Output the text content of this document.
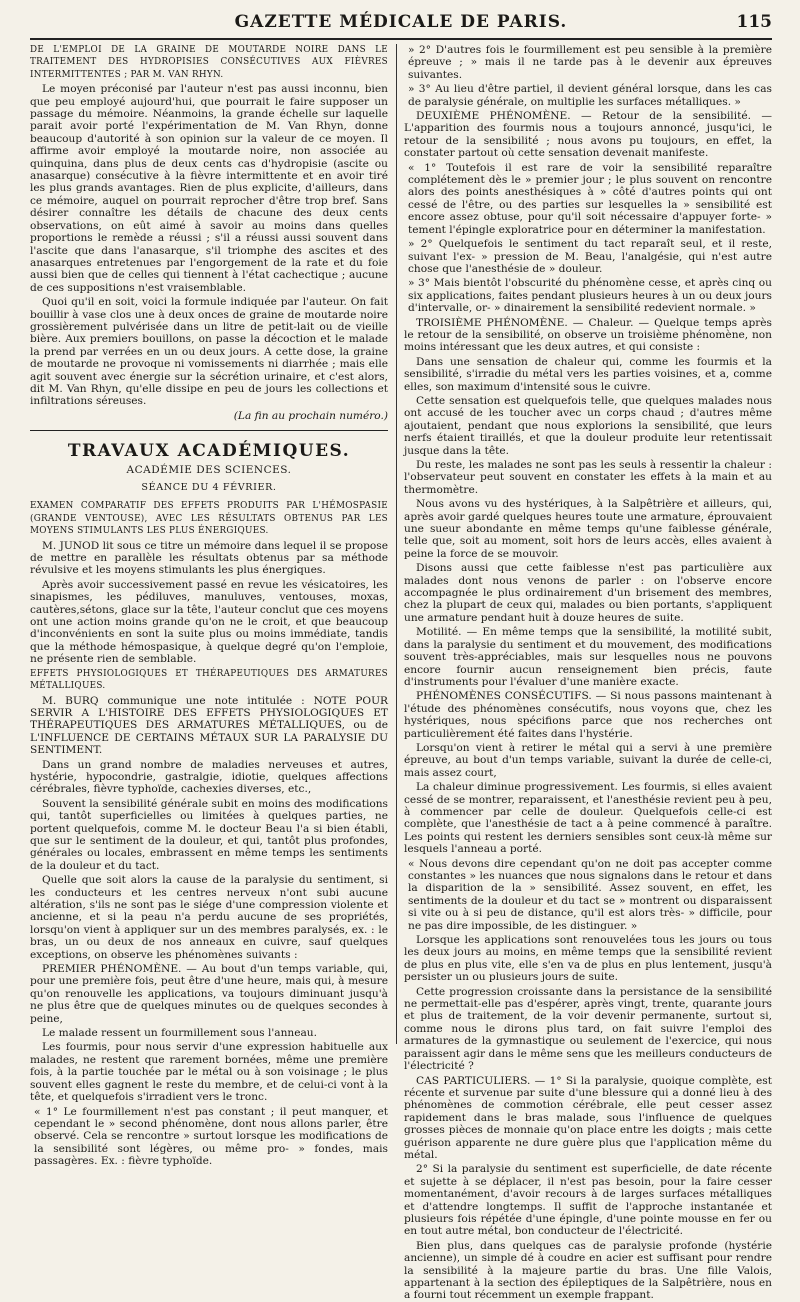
GAZETTE MÉDICALE DE PARIS.	115

DE L'EMPLOI DE LA GRAINE DE MOUTARDE NOIRE DANS LE TRAITEMENT DES HYDROPISIES CONSÉCUTIVES AUX FIÈVRES INTERMITTENTES ; PAR M. VAN RHYN.

Le moyen préconisé par l'auteur n'est pas aussi inconnu, bien que peu employé aujourd'hui, que pourrait le faire supposer un passage du mémoire. Néanmoins, la grande échelle sur laquelle parait avoir porté l'expérimentation de M. Van Rhyn, donne beaucoup d'autorité à son opinion sur la valeur de ce moyen. Il affirme avoir employé la moutarde noire, non associée au quinquina, dans plus de deux cents cas d'hydropisie (ascite ou anasarque) consécutive à la fièvre intermittente et en avoir tiré les plus grands avantages. Rien de plus explicite, d'ailleurs, dans ce mémoire, auquel on pourrait reprocher d'être trop bref. Sans désirer connaître les détails de chacune des deux cents observations, on eût aimé à savoir au moins dans quelles proportions le remède a réussi ; s'il a réussi aussi souvent dans l'ascite que dans l'anasarque, s'il triomphe des ascites et des anasarques entretenues par l'engorgement de la rate et du foie aussi bien que de celles qui tiennent à l'état cachectique ; aucune de ces suppositions n'est vraisemblable.

Quoi qu'il en soit, voici la formule indiquée par l'auteur. On fait bouillir à vase clos une à deux onces de graine de moutarde noire grossièrement pulvérisée dans un litre de petit-lait ou de vieille bière. Aux premiers bouillons, on passe la décoction et le malade la prend par verrées en un ou deux jours. A cette dose, la graine de moutarde ne provoque ni vomissements ni diarrhée ; mais elle agit souvent avec énergie sur la sécrétion urinaire, et c'est alors, dit M. Van Rhyn, qu'elle dissipe en peu de jours les collections et infiltrations séreuses.

(La fin au prochain numéro.)

TRAVAUX ACADÉMIQUES.

ACADÉMIE DES SCIENCES.

SÉANCE DU 4 FÉVRIER.

EXAMEN COMPARATIF DES EFFETS PRODUITS PAR L'HÉMOSPASIE (GRANDE VENTOUSE), AVEC LES RÉSULTATS OBTENUS PAR LES MOYENS STIMULANTS LES PLUS ÉNERGIQUES.

M. JUNOD lit sous ce titre un mémoire dans lequel il se propose de mettre en parallèle les résultats obtenus par sa méthode révulsive et les moyens stimulants les plus énergiques.

Après avoir successivement passé en revue les vésicatoires, les sinapismes, les pédiluves, manuluves, ventouses, moxas, cautères,sétons, glace sur la tête, l'auteur conclut que ces moyens ont une action moins grande qu'on ne le croit, et que beaucoup d'inconvénients en sont la suite plus ou moins immédiate, tandis que la méthode hémospasique, à quelque degré qu'on l'emploie, ne présente rien de semblable.

EFFETS PHYSIOLOGIQUES ET THÉRAPEUTIQUES DES ARMATURES MÉTALLIQUES.

M. BURQ communique une note intitulée : NOTE POUR SERVIR A L'HISTOIRE DES EFFETS PHYSIOLOGIQUES ET THÉRAPEUTIQUES DES ARMATURES MÉTALLIQUES, ou de L'INFLUENCE DE CERTAINS MÉTAUX SUR LA PARALYSIE DU SENTIMENT.

Dans un grand nombre de maladies nerveuses et autres, hystérie, hypocondrie, gastralgie, idiotie, quelques affections cérébrales, fièvre typhoïde, cachexies diverses, etc.,

Souvent la sensibilité générale subit en moins des modifications qui, tantôt superficielles ou limitées à quelques parties, ne portent quelquefois, comme M. le docteur Beau l'a si bien établi, que sur le sentiment de la douleur, et qui, tantôt plus profondes, générales ou locales, embrassent en même temps les sentiments de la douleur et du tact.

Quelle que soit alors la cause de la paralysie du sentiment, si les conducteurs et les centres nerveux n'ont subi aucune altération, s'ils ne sont pas le siége d'une compression violente et ancienne, et si la peau n'a perdu aucune de ses propriétés, lorsqu'on vient à appliquer sur un des membres paralysés, ex. : le bras, un ou deux de nos anneaux en cuivre, sauf quelques exceptions, on observe les phénomènes suivants :

PREMIER PHÉNOMÈNE. — Au bout d'un temps variable, qui, pour une première fois, peut être d'une heure, mais qui, à mesure qu'on renouvelle les applications, va toujours diminuant jusqu'à ne plus être que de quelques minutes ou de quelques secondes à peine,

Le malade ressent un fourmillement sous l'anneau.

Les fourmis, pour nous servir d'une expression habituelle aux malades, ne restent que rarement bornées, même une première fois, à la partie touchée par le métal ou à son voisinage ; le plus souvent elles gagnent le reste du membre, et de celui-ci vont à la tête, et quelquefois s'irradient vers le tronc.

« 1° Le fourmillement n'est pas constant ; il peut manquer, et cependant le » second phénomène, dont nous allons parler, être observé. Cela se rencontre » surtout lorsque les modifications de la sensibilité sont légères, ou même pro- » fondes, mais passagères. Ex. : fièvre typhoïde.

» 2° D'autres fois le fourmillement est peu sensible à la première épreuve ; » mais il ne tarde pas à le devenir aux épreuves suivantes.

» 3° Au lieu d'être partiel, il devient général lorsque, dans les cas de paralysie générale, on multiplie les surfaces métalliques. »

DEUXIÈME PHÉNOMÈNE. — Retour de la sensibilité. — L'apparition des fourmis nous a toujours annoncé, jusqu'ici, le retour de la sensibilité ; nous avons pu toujours, en effet, la constater partout où cette sensation devenait manifeste.

« 1° Toutefois il est rare de voir la sensibilité reparaître complétement dès le » premier jour ; le plus souvent on rencontre alors des points anesthésiques à » côté d'autres points qui ont cessé de l'être, ou des parties sur lesquelles la » sensibilité est encore assez obtuse, pour qu'il soit nécessaire d'appuyer forte- » tement l'épingle exploratrice pour en déterminer la manifestation.

» 2° Quelquefois le sentiment du tact reparaît seul, et il reste, suivant l'ex- » pression de M. Beau, l'analgésie, qui n'est autre chose que l'anesthésie de » douleur.

» 3° Mais bientôt l'obscurité du phénomène cesse, et après cinq ou six applications, faites pendant plusieurs heures à un ou deux jours d'intervalle, or- » dinairement la sensibilité redevient normale. »

TROISIÈME PHÉNOMÈNE. — Chaleur. — Quelque temps après le retour de la sensibilité, on observe un troisième phénomène, non moins intéressant que les deux autres, et qui consiste :

Dans une sensation de chaleur qui, comme les fourmis et la sensibilité, s'irradie du métal vers les parties voisines, et a, comme elles, son maximum d'intensité sous le cuivre.

Cette sensation est quelquefois telle, que quelques malades nous ont accusé de les toucher avec un corps chaud ; d'autres même ajoutaient, pendant que nous explorions la sensibilité, que leurs nerfs étaient tiraillés, et que la douleur produite leur retentissait jusque dans la tête.

Du reste, les malades ne sont pas les seuls à ressentir la chaleur : l'observateur peut souvent en constater les effets à la main et au thermomètre.

Nous avons vu des hystériques, à la Salpêtrière et ailleurs, qui, après avoir gardé quelques heures toute une armature, éprouvaient une sueur abondante en même temps qu'une faiblesse générale, telle que, soit au moment, soit hors de leurs accès, elles avaient à peine la force de se mouvoir.

Disons aussi que cette faiblesse n'est pas particulière aux malades dont nous venons de parler : on l'observe encore accompagnée le plus ordinairement d'un brisement des membres, chez la plupart de ceux qui, malades ou bien portants, s'appliquent une armature pendant huit à douze heures de suite.

Motilité. — En même temps que la sensibilité, la motilité subit, dans la paralysie du sentiment et du mouvement, des modifications souvent très-appréciables, mais sur lesquelles nous ne pouvons encore fournir aucun renseignement bien précis, faute d'instruments pour l'évaluer d'une manière exacte.

PHÉNOMÈNES CONSÉCUTIFS. — Si nous passons maintenant à l'étude des phénomènes consécutifs, nous voyons que, chez les hystériques, nous spécifions parce que nos recherches ont particulièrement été faites dans l'hystérie.

Lorsqu'on vient à retirer le métal qui a servi à une première épreuve, au bout d'un temps variable, suivant la durée de celle-ci, mais assez court,

La chaleur diminue progressivement. Les fourmis, si elles avaient cessé de se montrer, reparaissent, et l'anesthésie revient peu à peu, à commencer par celle de douleur. Quelquefois celle-ci est complète, que l'anesthésie de tact a à peine commencé à paraître. Les points qui restent les derniers sensibles sont ceux-là même sur lesquels l'anneau a porté.

« Nous devons dire cependant qu'on ne doit pas accepter comme constantes » les nuances que nous signalons dans le retour et dans la disparition de la » sensibilité. Assez souvent, en effet, les sentiments de la douleur et du tact se » montrent ou disparaissent si vite ou à si peu de distance, qu'il est alors très- » difficile, pour ne pas dire impossible, de les distinguer. »

Lorsque les applications sont renouvelées tous les jours ou tous les deux jours au moins, en même temps que la sensibilité revient de plus en plus vite, elle s'en va de plus en plus lentement, jusqu'à persister un ou plusieurs jours de suite.

Cette progression croissante dans la persistance de la sensibilité ne permettait-elle pas d'espérer, après vingt, trente, quarante jours et plus de traitement, de la voir devenir permanente, surtout si, comme nous le dirons plus tard, on fait suivre l'emploi des armatures de la gymnastique ou seulement de l'exercice, qui nous paraissent agir dans le même sens que les meilleurs conducteurs de l'électricité ?

CAS PARTICULIERS. — 1° Si la paralysie, quoique complète, est récente et survenue par suite d'une blessure qui a donné lieu à des phénomènes de commotion cérébrale, elle peut cesser assez rapidement dans le bras malade, sous l'influence de quelques grosses pièces de monnaie qu'on place entre les doigts ; mais cette guérison apparente ne dure guère plus que l'application même du métal.

2° Si la paralysie du sentiment est superficielle, de date récente et sujette à se déplacer, il n'est pas besoin, pour la faire cesser momentanément, d'avoir recours à de larges surfaces métalliques et d'attendre longtemps. Il suffit de l'approche instantanée et plusieurs fois répétée d'une épingle, d'une pointe mousse en fer ou en tout autre métal, bon conducteur de l'électricité.

Bien plus, dans quelques cas de paralysie profonde (hystérie ancienne), un simple dé à coudre en acier est suffisant pour rendre la sensibilité à la majeure partie du bras. Une fille Valois, appartenant à la section des épileptiques de la Salpêtrière, nous en a fourni tout récemment un exemple frappant.
